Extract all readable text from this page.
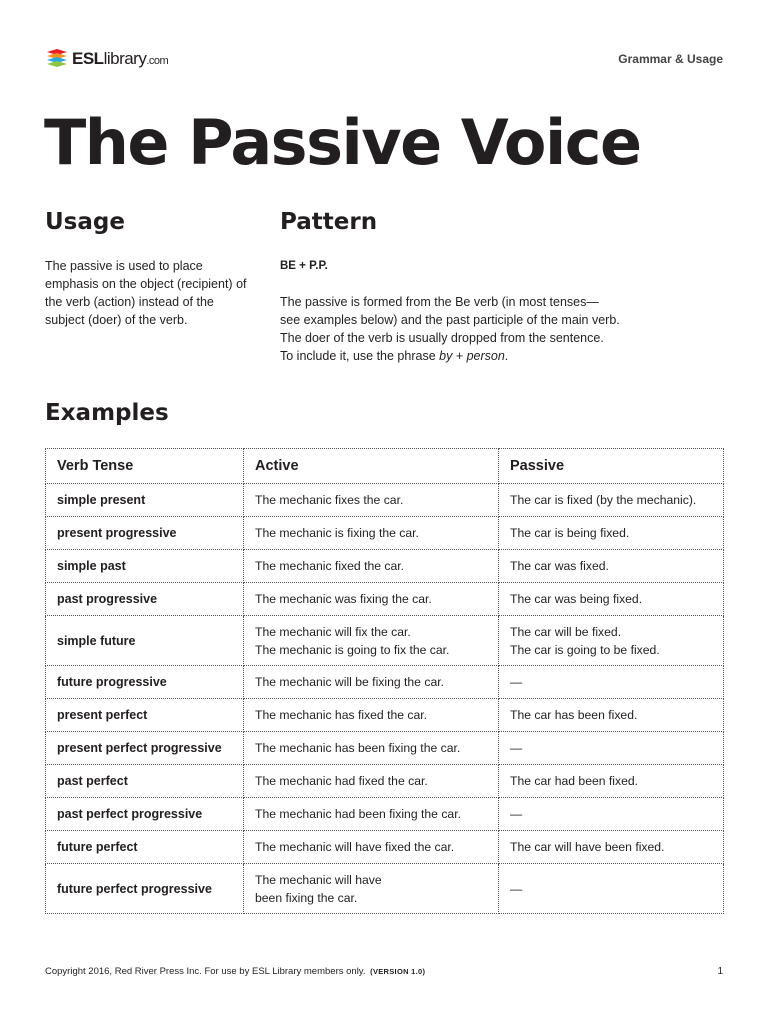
ESLlibrary.com	Grammar & Usage
The Passive Voice
Usage

The passive is used to place emphasis on the object (recipient) of the verb (action) instead of the subject (doer) of the verb.

Pattern

BE + P.P.

The passive is formed from the Be verb (in most tenses—
see examples below) and the past participle of the main verb.
The doer of the verb is usually dropped from the sentence.
To include it, use the phrase by + person.

Examples
Verb Tense	Active	Passive
simple present	The mechanic fixes the car.	The car is fixed (by the mechanic).

present progressive	The mechanic is fixing the car.	The car is being fixed.

simple past	The mechanic fixed the car.	The car was fixed.

past progressive	The mechanic was fixing the car.	The car was being fixed.

simple future	The mechanic will fix the car.
The mechanic is going to fix the car.	The car will be fixed.
The car is going to be fixed.

future progressive	The mechanic will be fixing the car.	—

present perfect	The mechanic has fixed the car.	The car has been fixed.

present perfect progressive	The mechanic has been fixing the car.	—

past perfect	The mechanic had fixed the car.	The car had been fixed.

past perfect progressive	The mechanic had been fixing the car.	—

future perfect	The mechanic will have fixed the car.	The car will have been fixed.

future perfect progressive	The mechanic will have
been fixing the car.	—
Copyright 2016, Red River Press Inc. For use by ESL Library members only. (VERSION 1.0)	1
